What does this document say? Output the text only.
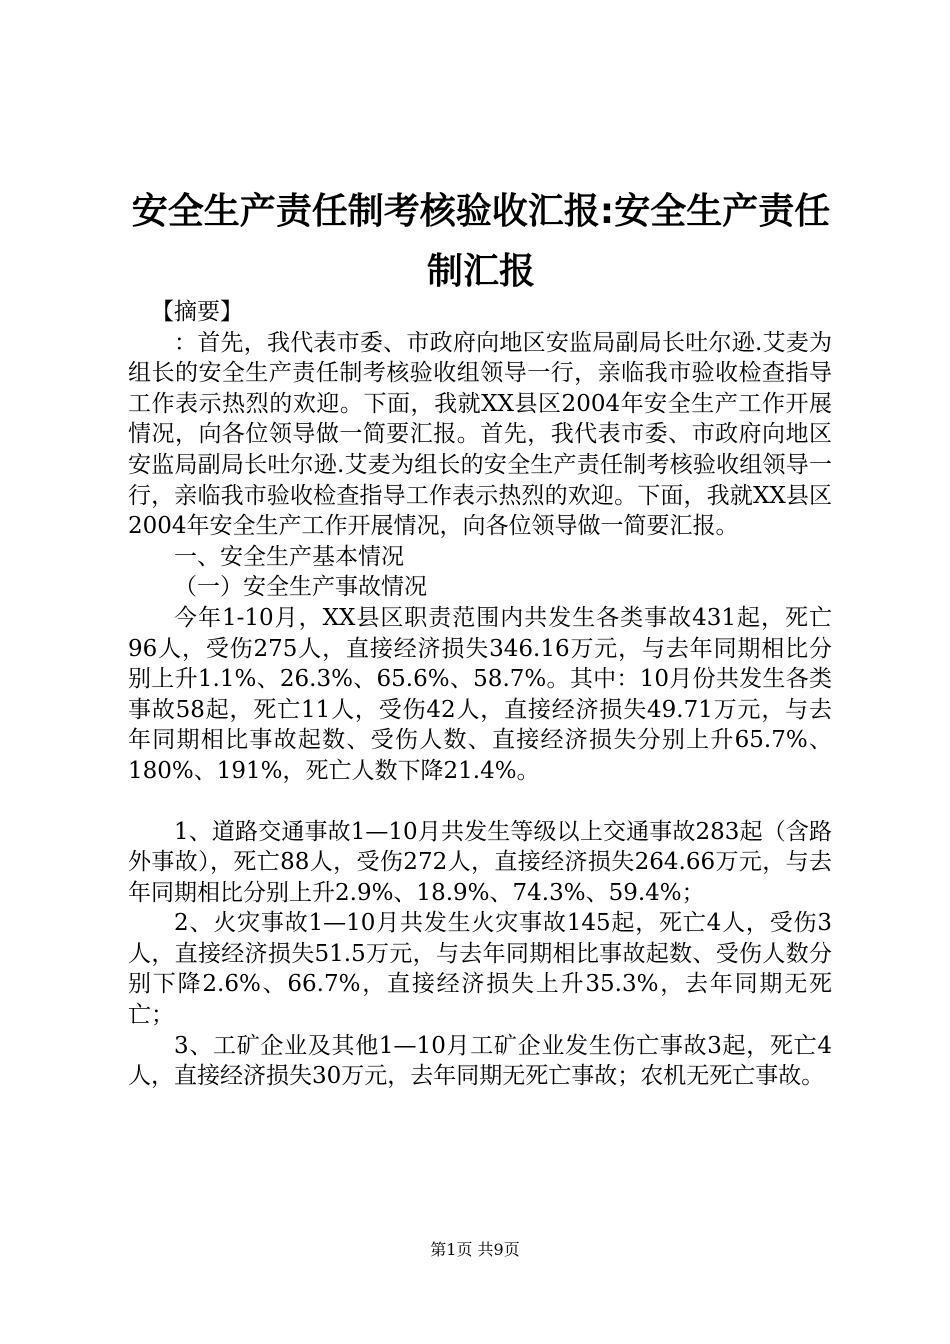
安全生产责任制考核验收汇报:安全生产责任制汇报

【摘要】

：首先，我代表市委、市政府向地区安监局副局长吐尔逊.艾麦为组长的安全生产责任制考核验收组领导一行，亲临我市验收检查指导工作表示热烈的欢迎。下面，我就XX县区2004年安全生产工作开展情况，向各位领导做一简要汇报。首先，我代表市委、市政府向地区安监局副局长吐尔逊.艾麦为组长的安全生产责任制考核验收组领导一行，亲临我市验收检查指导工作表示热烈的欢迎。下面，我就XX县区2004年安全生产工作开展情况，向各位领导做一简要汇报。

一、安全生产基本情况

（一）安全生产事故情况

今年1-10月，XX县区职责范围内共发生各类事故431起，死亡96人，受伤275人，直接经济损失346.16万元，与去年同期相比分别上升1.1%、26.3%、65.6%、58.7%。其中：10月份共发生各类事故58起，死亡11人，受伤42人，直接经济损失49.71万元，与去年同期相比事故起数、受伤人数、直接经济损失分别上升65.7%、180%、191%，死亡人数下降21.4%。

1、道路交通事故1—10月共发生等级以上交通事故283起（含路外事故），死亡88人，受伤272人，直接经济损失264.66万元，与去年同期相比分别上升2.9%、18.9%、74.3%、59.4%；

2、火灾事故1—10月共发生火灾事故145起，死亡4人，受伤3人，直接经济损失51.5万元，与去年同期相比事故起数、受伤人数分别下降2.6%、66.7%，直接经济损失上升35.3%，去年同期无死亡；

3、工矿企业及其他1—10月工矿企业发生伤亡事故3起，死亡4人，直接经济损失30万元，去年同期无死亡事故；农机无死亡事故。

第1页 共9页
